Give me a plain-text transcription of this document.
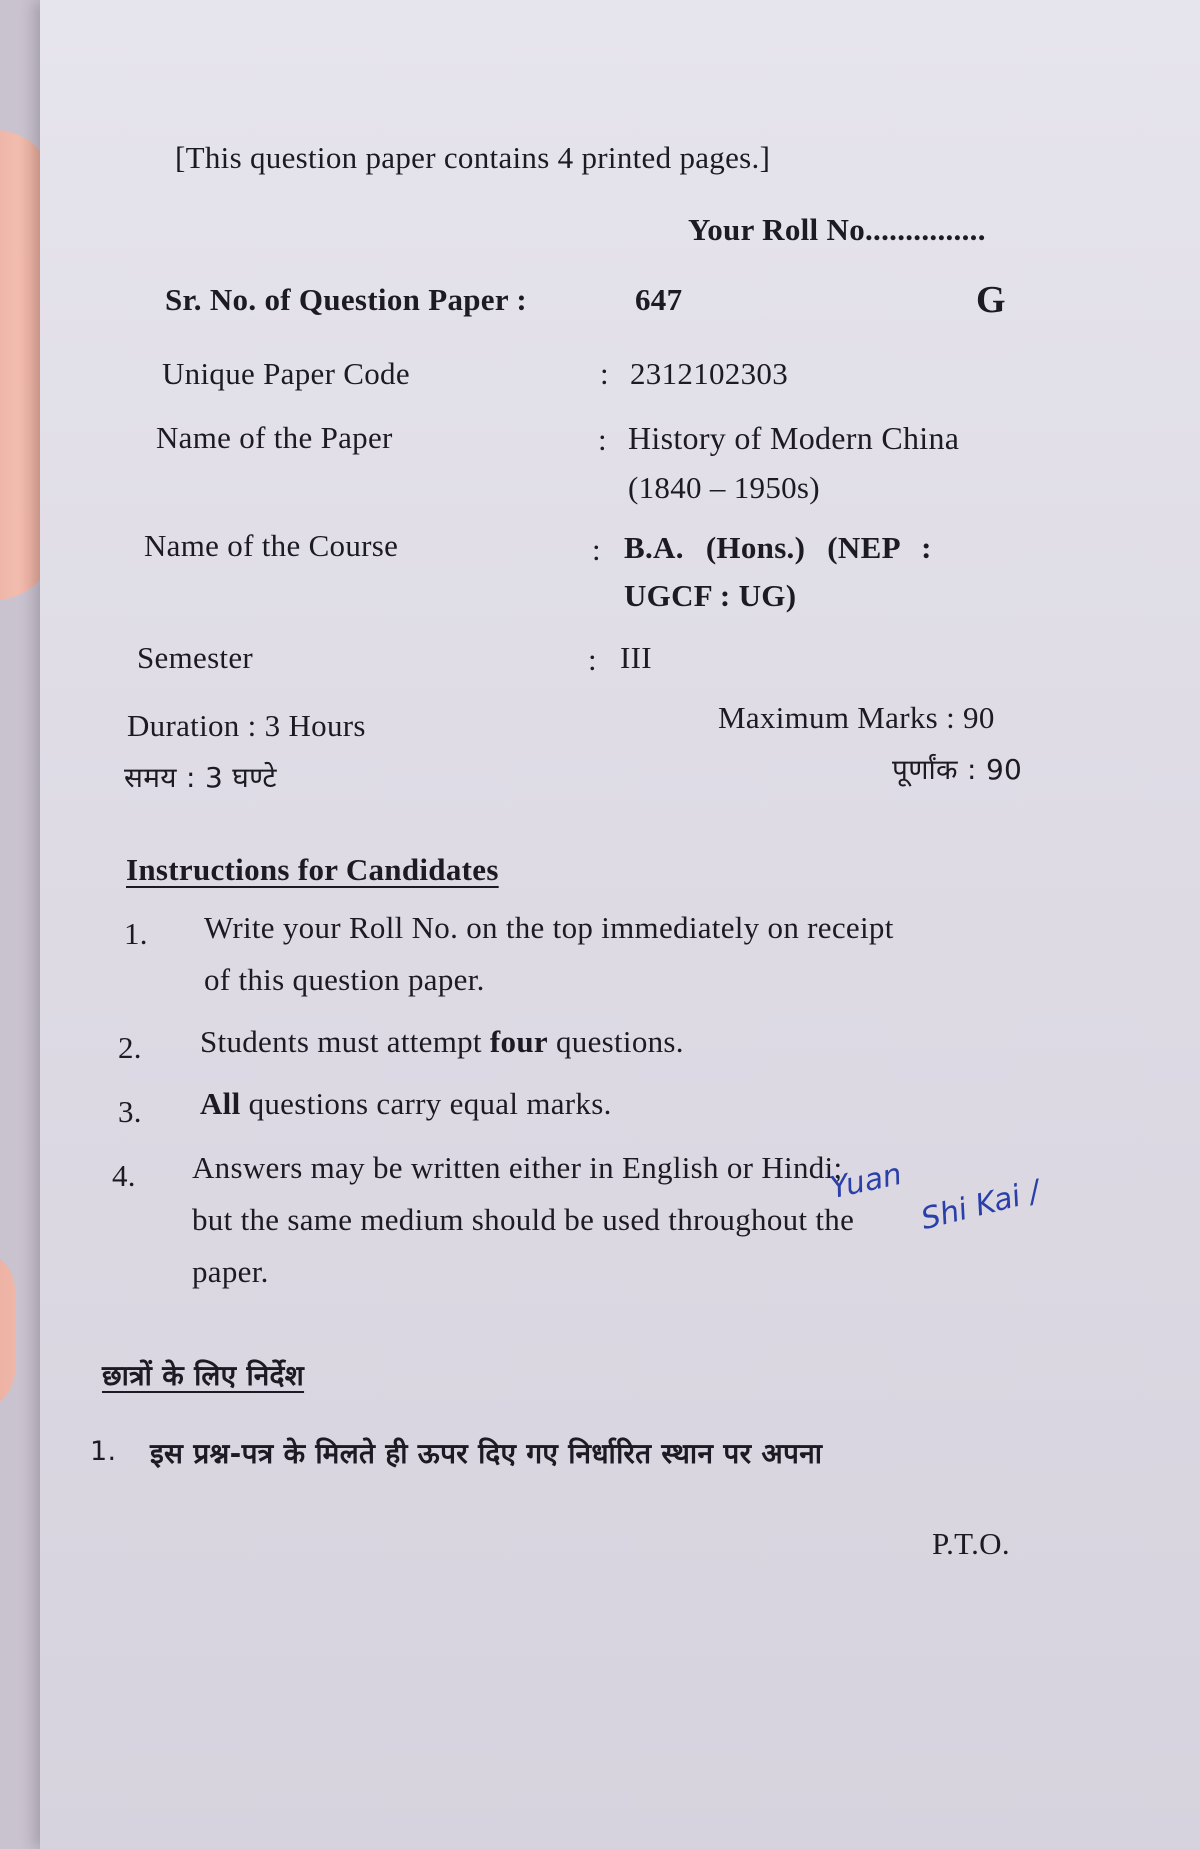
[This question paper contains 4 printed pages.]
Your Roll No...............
Sr. No. of Question Paper :	647	G
Unique Paper Code	: 2312102303
Name of the Paper	: History of Modern China
(1840 – 1950s)
Name of the Course	: B.A. (Hons.) (NEP :
UGCF : UG)
Semester	: III
Duration : 3 Hours	Maximum Marks : 90
समय : 3 घण्टे	पूर्णांक : 90
Instructions for Candidates
1. Write your Roll No. on the top immediately on receipt
of this question paper.
2. Students must attempt four questions.
3. All questions carry equal marks.
4. Answers may be written either in English or Hindi;
but the same medium should be used throughout the
paper.
छात्रों के लिए निर्देश
1. इस प्रश्न-पत्र के मिलते ही ऊपर दिए गए निर्धारित स्थान पर अपना
P.T.O.
Yuan Shi Kai /
